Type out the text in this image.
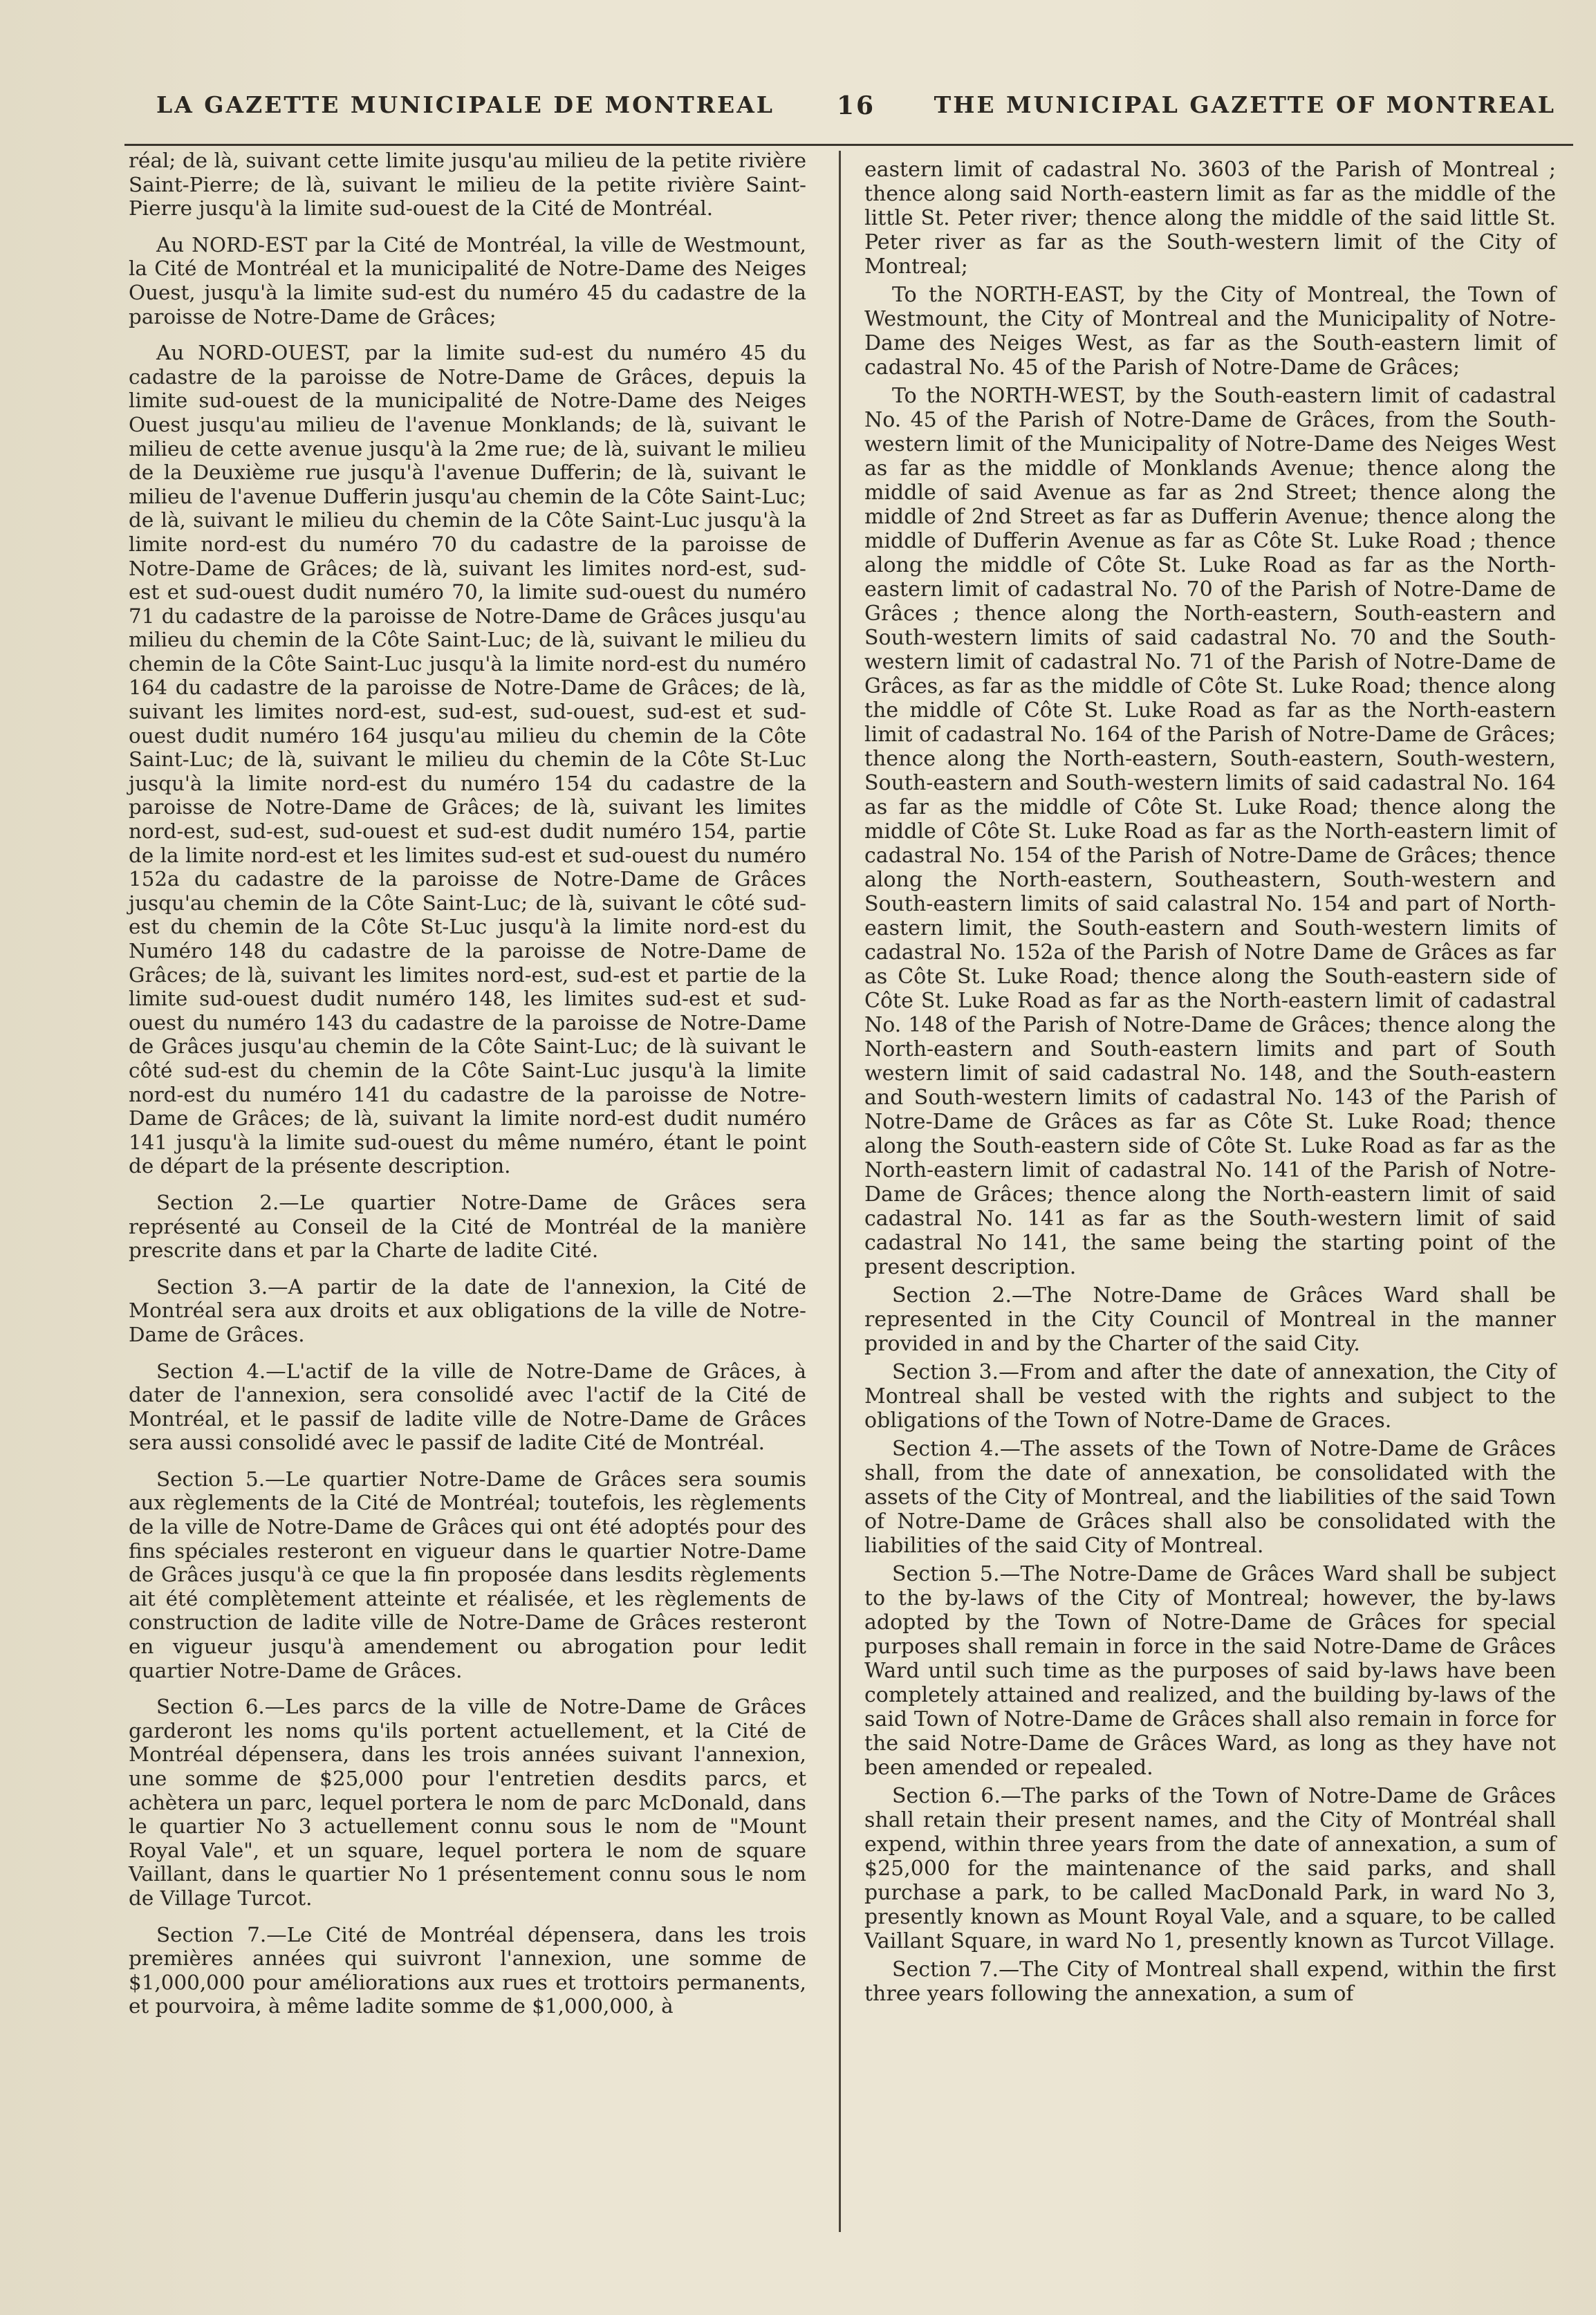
LA GAZETTE MUNICIPALE DE MONTREAL 16	THE MUNICIPAL GAZETTE OF MONTREAL

réal; de là, suivant cette limite jusqu'au milieu de la petite rivière Saint-Pierre; de là, suivant le milieu de la petite rivière Saint-Pierre jusqu'à la limite sud-ouest de la Cité de Montréal.

Au NORD-EST par la Cité de Montréal, la ville de Westmount, la Cité de Montréal et la municipalité de Notre-Dame des Neiges Ouest, jusqu'à la limite sud-est du numéro 45 du cadastre de la paroisse de Notre-Dame de Grâces;

Au NORD-OUEST, par la limite sud-est du numéro 45 du cadastre de la paroisse de Notre-Dame de Grâces, depuis la limite sud-ouest de la municipalité de Notre-Dame des Neiges Ouest jusqu'au milieu de l'avenue Monklands; de là, suivant le milieu de cette avenue jusqu'à la 2me rue; de là, suivant le milieu de la Deuxième rue jusqu'à l'avenue Dufferin; de là, suivant le milieu de l'avenue Dufferin jusqu'au chemin de la Côte Saint-Luc; de là, suivant le milieu du chemin de la Côte Saint-Luc jusqu'à la limite nord-est du numéro 70 du cadastre de la paroisse de Notre-Dame de Grâces; de là, suivant les limites nord-est, sud-est et sud-ouest dudit numéro 70, la limite sud-ouest du numéro 71 du cadastre de la paroisse de Notre-Dame de Grâces jusqu'au milieu du chemin de la Côte Saint-Luc; de là, suivant le milieu du chemin de la Côte Saint-Luc jusqu'à la limite nord-est du numéro 164 du cadastre de la paroisse de Notre-Dame de Grâces; de là, suivant les limites nord-est, sud-est, sud-ouest, sud-est et sud-ouest dudit numéro 164 jusqu'au milieu du chemin de la Côte Saint-Luc; de là, suivant le milieu du chemin de la Côte St-Luc jusqu'à la limite nord-est du numéro 154 du cadastre de la paroisse de Notre-Dame de Grâces; de là, suivant les limites nord-est, sud-est, sud-ouest et sud-est dudit numéro 154, partie de la limite nord-est et les limites sud-est et sud-ouest du numéro 152a du cadastre de la paroisse de Notre-Dame de Grâces jusqu'au chemin de la Côte Saint-Luc; de là, suivant le côté sud-est du chemin de la Côte St-Luc jusqu'à la limite nord-est du Numéro 148 du cadastre de la paroisse de Notre-Dame de Grâces; de là, suivant les limites nord-est, sud-est et partie de la limite sud-ouest dudit numéro 148, les limites sud-est et sud-ouest du numéro 143 du cadastre de la paroisse de Notre-Dame de Grâces jusqu'au chemin de la Côte Saint-Luc; de là suivant le côté sud-est du chemin de la Côte Saint-Luc jusqu'à la limite nord-est du numéro 141 du cadastre de la paroisse de Notre-Dame de Grâces; de là, suivant la limite nord-est dudit numéro 141 jusqu'à la limite sud-ouest du même numéro, étant le point de départ de la présente description.

Section 2.—Le quartier Notre-Dame de Grâces sera représenté au Conseil de la Cité de Montréal de la manière prescrite dans et par la Charte de ladite Cité.

Section 3.—A partir de la date de l'annexion, la Cité de Montréal sera aux droits et aux obligations de la ville de Notre-Dame de Grâces.

Section 4.—L'actif de la ville de Notre-Dame de Grâces, à dater de l'annexion, sera consolidé avec l'actif de la Cité de Montréal, et le passif de ladite ville de Notre-Dame de Grâces sera aussi consolidé avec le passif de ladite Cité de Montréal.

Section 5.—Le quartier Notre-Dame de Grâces sera soumis aux règlements de la Cité de Montréal; toutefois, les règlements de la ville de Notre-Dame de Grâces qui ont été adoptés pour des fins spéciales resteront en vigueur dans le quartier Notre-Dame de Grâces jusqu'à ce que la fin proposée dans lesdits règlements ait été complètement atteinte et réalisée, et les règlements de construction de ladite ville de Notre-Dame de Grâces resteront en vigueur jusqu'à amendement ou abrogation pour ledit quartier Notre-Dame de Grâces.

Section 6.—Les parcs de la ville de Notre-Dame de Grâces garderont les noms qu'ils portent actuellement, et la Cité de Montréal dépensera, dans les trois années suivant l'annexion, une somme de $25,000 pour l'entretien desdits parcs, et achètera un parc, lequel portera le nom de parc McDonald, dans le quartier No 3 actuellement connu sous le nom de "Mount Royal Vale", et un square, lequel portera le nom de square Vaillant, dans le quartier No 1 présentement connu sous le nom de Village Turcot.

Section 7.—Le Cité de Montréal dépensera, dans les trois premières années qui suivront l'annexion, une somme de $1,000,000 pour améliorations aux rues et trottoirs permanents, et pourvoira, à même ladite somme de $1,000,000, à

eastern limit of cadastral No. 3603 of the Parish of Montreal ; thence along said North-eastern limit as far as the middle of the little St. Peter river; thence along the middle of the said little St. Peter river as far as the South-western limit of the City of Montreal;

To the NORTH-EAST, by the City of Montreal, the Town of Westmount, the City of Montreal and the Municipality of Notre-Dame des Neiges West, as far as the South-eastern limit of cadastral No. 45 of the Parish of Notre-Dame de Grâces;

To the NORTH-WEST, by the South-eastern limit of cadastral No. 45 of the Parish of Notre-Dame de Grâces, from the South-western limit of the Municipality of Notre-Dame des Neiges West as far as the middle of Monklands Avenue; thence along the middle of said Avenue as far as 2nd Street; thence along the middle of 2nd Street as far as Dufferin Avenue; thence along the middle of Dufferin Avenue as far as Côte St. Luke Road ; thence along the middle of Côte St. Luke Road as far as the North-eastern limit of cadastral No. 70 of the Parish of Notre-Dame de Grâces ; thence along the North-eastern, South-eastern and South-western limits of said cadastral No. 70 and the South-western limit of cadastral No. 71 of the Parish of Notre-Dame de Grâces, as far as the middle of Côte St. Luke Road; thence along the middle of Côte St. Luke Road as far as the North-eastern limit of cadastral No. 164 of the Parish of Notre-Dame de Grâces; thence along the North-eastern, South-eastern, South-western, South-eastern and South-western limits of said cadastral No. 164 as far as the middle of Côte St. Luke Road; thence along the middle of Côte St. Luke Road as far as the North-eastern limit of cadastral No. 154 of the Parish of Notre-Dame de Grâces; thence along the North-eastern, Southeastern, South-western and South-eastern limits of said calastral No. 154 and part of North-eastern limit, the South-eastern and South-western limits of cadastral No. 152a of the Parish of Notre Dame de Grâces as far as Côte St. Luke Road; thence along the South-eastern side of Côte St. Luke Road as far as the North-eastern limit of cadastral No. 148 of the Parish of Notre-Dame de Grâces; thence along the North-eastern and South-eastern limits and part of South western limit of said cadastral No. 148, and the South-eastern and South-western limits of cadastral No. 143 of the Parish of Notre-Dame de Grâces as far as Côte St. Luke Road; thence along the South-eastern side of Côte St. Luke Road as far as the North-eastern limit of cadastral No. 141 of the Parish of Notre-Dame de Grâces; thence along the North-eastern limit of said cadastral No. 141 as far as the South-western limit of said cadastral No 141, the same being the starting point of the present description.

Section 2.—The Notre-Dame de Grâces Ward shall be represented in the City Council of Montreal in the manner provided in and by the Charter of the said City.

Section 3.—From and after the date of annexation, the City of Montreal shall be vested with the rights and subject to the obligations of the Town of Notre-Dame de Graces.

Section 4.—The assets of the Town of Notre-Dame de Grâces shall, from the date of annexation, be consolidated with the assets of the City of Montreal, and the liabilities of the said Town of Notre-Dame de Grâces shall also be consolidated with the liabilities of the said City of Montreal.

Section 5.—The Notre-Dame de Grâces Ward shall be subject to the by-laws of the City of Montreal; however, the by-laws adopted by the Town of Notre-Dame de Grâces for special purposes shall remain in force in the said Notre-Dame de Grâces Ward until such time as the purposes of said by-laws have been completely attained and realized, and the building by-laws of the said Town of Notre-Dame de Grâces shall also remain in force for the said Notre-Dame de Grâces Ward, as long as they have not been amended or repealed.

Section 6.—The parks of the Town of Notre-Dame de Grâces shall retain their present names, and the City of Montréal shall expend, within three years from the date of annexation, a sum of $25,000 for the maintenance of the said parks, and shall purchase a park, to be called MacDonald Park, in ward No 3, presently known as Mount Royal Vale, and a square, to be called Vaillant Square, in ward No 1, presently known as Turcot Village.

Section 7.—The City of Montreal shall expend, within the first three years following the annexation, a sum of
